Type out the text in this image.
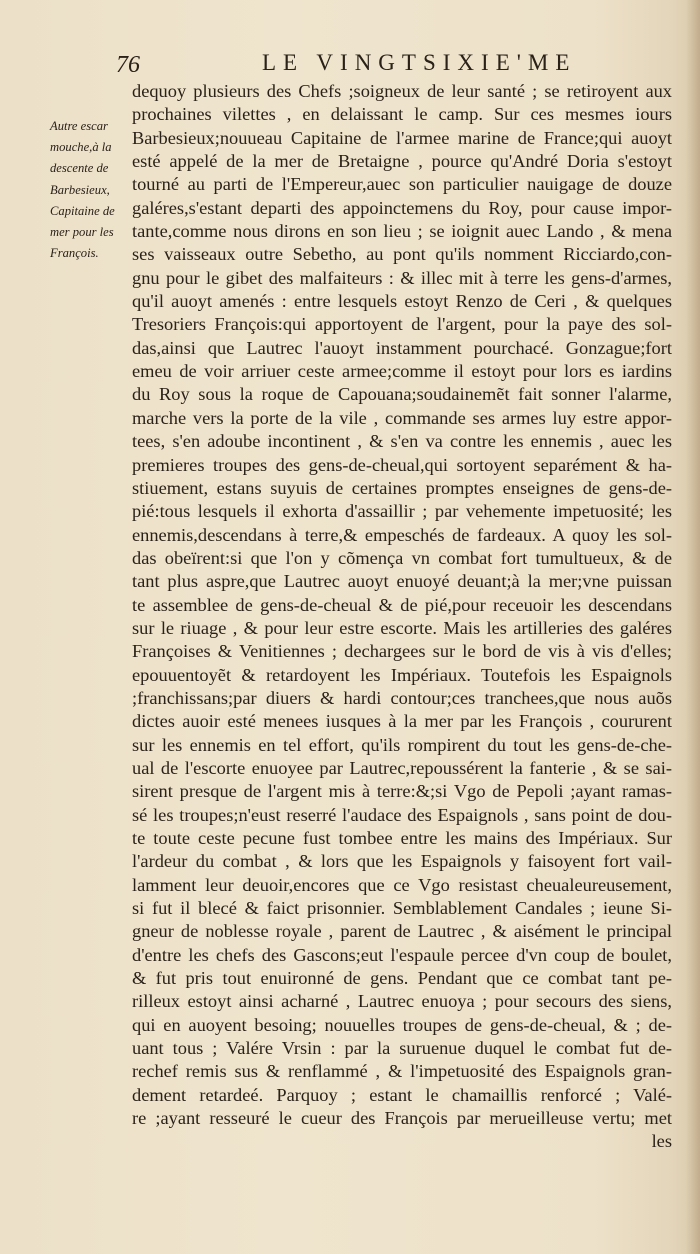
76	LE VINGTSIXIE'ME
Autre escar
mouche,à la
descente de
Barbesieux,
Capitaine de
mer pour les
François.
dequoy plusieurs des Chefs ;soigneux de leur santé ; se retiroyent aux
prochaines vilettes , en delaissant le camp. Sur ces mesmes iours
Barbesieux;nouueau Capitaine de l'armee marine de France;qui auoyt
esté appelé de la mer de Bretaigne , pource qu'André Doria s'estoyt
tourné au parti de l'Empereur,auec son particulier nauigage de douze
galéres,s'estant departi des appoinctemens du Roy, pour cause impor-
tante,comme nous dirons en son lieu ; se ioignit auec Lando , & mena
ses vaisseaux outre Sebetho, au pont qu'ils nomment Ricciardo,con-
gnu pour le gibet des malfaiteurs : & illec mit à terre les gens-d'armes,
qu'il auoyt amenés : entre lesquels estoyt Renzo de Ceri , & quelques
Tresoriers François:qui apportoyent de l'argent, pour la paye des sol-
das,ainsi que Lautrec l'auoyt instamment pourchacé. Gonzague;fort
emeu de voir arriuer ceste armee;comme il estoyt pour lors es iardins
du Roy sous la roque de Capouana;soudainemẽt fait sonner l'alarme,
marche vers la porte de la vile , commande ses armes luy estre appor-
tees, s'en adoube incontinent , & s'en va contre les ennemis , auec les
premieres troupes des gens-de-cheual,qui sortoyent separément & ha-
stiuement, estans suyuis de certaines promptes enseignes de gens-de-
pié:tous lesquels il exhorta d'assaillir ; par vehemente impetuosité; les
ennemis,descendans à terre,& empeschés de fardeaux. A quoy les sol-
das obeïrent:si que l'on y cõmença vn combat fort tumultueux, & de
tant plus aspre,que Lautrec auoyt enuoyé deuant;à la mer;vne puissan
te assemblee de gens-de-cheual & de pié,pour receuoir les descendans
sur le riuage , & pour leur estre escorte. Mais les artilleries des galéres
Françoises & Venitiennes ; dechargees sur le bord de vis à vis d'elles;
epouuentoyẽt & retardoyent les Impériaux. Toutefois les Espaignols
;franchissans;par diuers & hardi contour;ces tranchees,que nous auõs
dictes auoir esté menees iusques à la mer par les François , coururent
sur les ennemis en tel effort, qu'ils rompirent du tout les gens-de-che-
ual de l'escorte enuoyee par Lautrec,repoussérent la fanterie , & se sai-
sirent presque de l'argent mis à terre:&;si Vgo de Pepoli ;ayant ramas-
sé les troupes;n'eust reserré l'audace des Espaignols , sans point de dou-
te toute ceste pecune fust tombee entre les mains des Impériaux. Sur
l'ardeur du combat , & lors que les Espaignols y faisoyent fort vail-
lamment leur deuoir,encores que ce Vgo resistast cheualeureusement,
si fut il blecé & faict prisonnier. Semblablement Candales ; ieune Si-
gneur de noblesse royale , parent de Lautrec , & aisément le principal
d'entre les chefs des Gascons;eut l'espaule percee d'vn coup de boulet,
& fut pris tout enuironné de gens. Pendant que ce combat tant pe-
rilleux estoyt ainsi acharné , Lautrec enuoya ; pour secours des siens,
qui en auoyent besoing; nouuelles troupes de gens-de-cheual, & ; de-
uant tous ; Valére Vrsin : par la suruenue duquel le combat fut de-
rechef remis sus & renflammé , & l'impetuosité des Espaignols gran-
dement retardeé. Parquoy ; estant le chamaillis renforcé ; Valé-
re ;ayant resseuré le cueur des François par merueilleuse vertu; met
les
